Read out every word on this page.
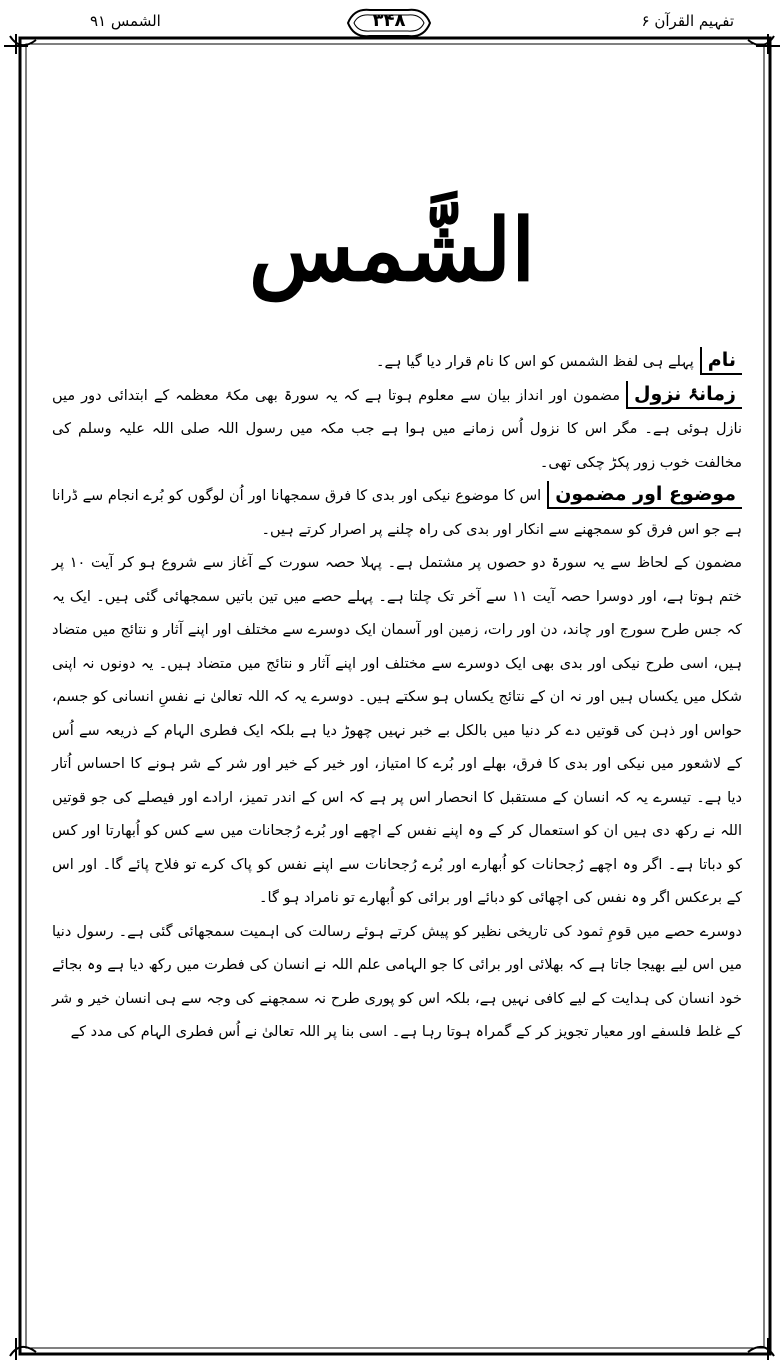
الشمس ۹۱	۳۴۸	تفہیم القرآن ۶
الشَّمس

نامپہلے ہی لفظ الشمس کو اس کا نام قرار دیا گیا ہے۔

زمانۂ نزولمضمون اور انداز بیان سے معلوم ہوتا ہے کہ یہ سورۃ بھی مکۂ معظمہ کے ابتدائی دور میں نازل ہوئی ہے۔ مگر اس کا نزول اُس زمانے میں ہوا ہے جب مکہ میں رسول اللہ صلی اللہ علیہ وسلم کی مخالفت خوب زور پکڑ چکی تھی۔

موضوع اور مضموناس کا موضوع نیکی اور بدی کا فرق سمجھانا اور اُن لوگوں کو بُرے انجام سے ڈرانا ہے جو اس فرق کو سمجھنے سے انکار اور بدی کی راہ چلنے پر اصرار کرتے ہیں۔

مضمون کے لحاظ سے یہ سورۃ دو حصوں پر مشتمل ہے۔ پہلا حصہ سورت کے آغاز سے شروع ہو کر آیت ۱۰ پر ختم ہوتا ہے، اور دوسرا حصہ آیت ۱۱ سے آخر تک چلتا ہے۔ پہلے حصے میں تین باتیں سمجھائی گئی ہیں۔ ایک یہ کہ جس طرح سورج اور چاند، دن اور رات، زمین اور آسمان ایک دوسرے سے مختلف اور اپنے آثار و نتائج میں متضاد ہیں، اسی طرح نیکی اور بدی بھی ایک دوسرے سے مختلف اور اپنے آثار و نتائج میں متضاد ہیں۔ یہ دونوں نہ اپنی شکل میں یکساں ہیں اور نہ ان کے نتائج یکساں ہو سکتے ہیں۔ دوسرے یہ کہ اللہ تعالیٰ نے نفسِ انسانی کو جسم، حواس اور ذہن کی قوتیں دے کر دنیا میں بالکل بے خبر نہیں چھوڑ دیا ہے بلکہ ایک فطری الہام کے ذریعہ سے اُس کے لاشعور میں نیکی اور بدی کا فرق، بھلے اور بُرے کا امتیاز، اور خیر کے خیر اور شر کے شر ہونے کا احساس اُتار دیا ہے۔ تیسرے یہ کہ انسان کے مستقبل کا انحصار اس پر ہے کہ اس کے اندر تمیز، ارادے اور فیصلے کی جو قوتیں اللہ نے رکھ دی ہیں ان کو استعمال کر کے وہ اپنے نفس کے اچھے اور بُرے رُجحانات میں سے کس کو اُبھارتا اور کس کو دباتا ہے۔ اگر وہ اچھے رُجحانات کو اُبھارے اور بُرے رُجحانات سے اپنے نفس کو پاک کرے تو فلاح پائے گا۔ اور اس کے برعکس اگر وہ نفس کی اچھائی کو دبائے اور برائی کو اُبھارے تو نامراد ہو گا۔

دوسرے حصے میں قومِ ثمود کی تاریخی نظیر کو پیش کرتے ہوئے رسالت کی اہمیت سمجھائی گئی ہے۔ رسول دنیا میں اس لیے بھیجا جاتا ہے کہ بھلائی اور برائی کا جو الہامی علم اللہ نے انسان کی فطرت میں رکھ دیا ہے وہ بجائے خود انسان کی ہدایت کے لیے کافی نہیں ہے، بلکہ اس کو پوری طرح نہ سمجھنے کی وجہ سے ہی انسان خیر و شر کے غلط فلسفے اور معیار تجویز کر کے گمراہ ہوتا رہا ہے۔ اسی بنا پر اللہ تعالیٰ نے اُس فطری الہام کی مدد کے
